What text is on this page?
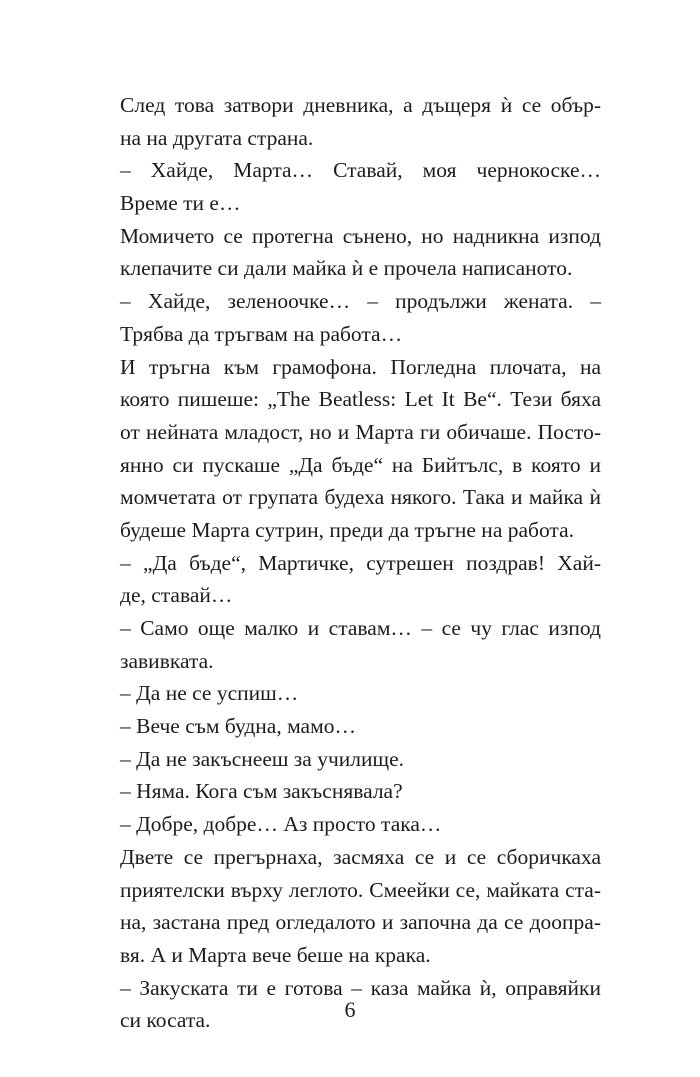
След това затвори дневника, а дъщеря ѝ се обър-
на на другата страна.
– Хайде, Марта… Ставай, моя чернокоске…
Време ти е…
Момичето се протегна сънено, но надникна изпод
клепачите си дали майка ѝ е прочела написаното.
– Хайде, зеленоочке… – продължи жената. –
Трябва да тръгвам на работа…
И тръгна към грамофона. Погледна плочата, на
която пишеше: „The Beatless: Let It Be“. Тези бяха
от нейната младост, но и Марта ги обичаше. Посто-
янно си пускаше „Да бъде“ на Бийтълс, в която и
момчетата от групата будеха някого. Така и майка ѝ
будеше Марта сутрин, преди да тръгне на работа.
– „Да бъде“, Мартичке, сутрешен поздрав! Хай-
де, ставай…
– Само още малко и ставам… – се чу глас изпод
завивката.
– Да не се успиш…
– Вече съм будна, мамо…
– Да не закъснееш за училище.
– Няма. Кога съм закъснявала?
– Добре, добре… Аз просто така…
Двете се прегърнаха, засмяха се и се сборичкаха
приятелски върху леглото. Смеейки се, майката ста-
на, застана пред огледалото и започна да се доопра-
вя. А и Марта вече беше на крака.
– Закуската ти е готова – каза майка ѝ, оправяйки
си косата.	6
